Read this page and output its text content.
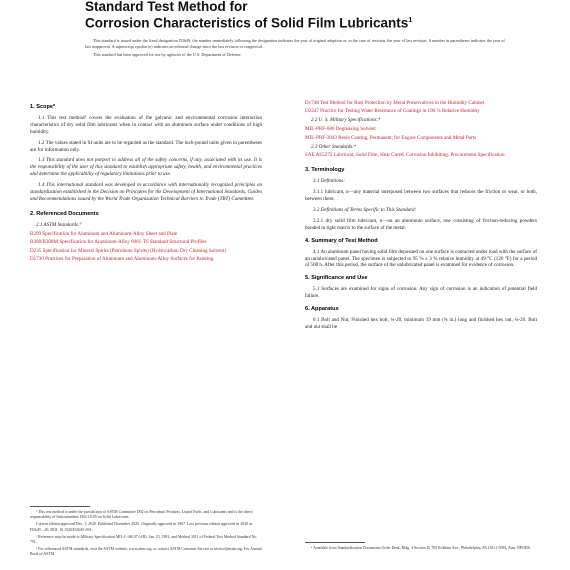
Standard Test Method for
Corrosion Characteristics of Solid Film Lubricants$^1$

This standard is issued under the fixed designation D2649; the number immediately following the designation indicates the year of original adoption or, in the case of revision, the year of last revision. A number in parentheses indicates the year of last reapproval. A superscript epsilon (ε) indicates an editorial change since the last revision or reapproval.

This standard has been approved for use by agencies of the U.S. Department of Defense.

1. Scope*
1.1 This test method² covers the evaluation of the galvanic and environmental corrosion interaction characteristics of dry solid film lubricants when in contact with an aluminum surface under conditions of high humidity.
1.2 The values stated in SI units are to be regarded as the standard. The inch-pound units given in parentheses are for information only.
1.3 This standard does not purport to address all of the safety concerns, if any, associated with its use. It is the responsibility of the user of this standard to establish appropriate safety, health, and environmental practices and determine the applicability of regulatory limitations prior to use.
1.4 This international standard was developed in accordance with internationally recognized principles on standardization established in the Decision on Principles for the Development of International Standards, Guides and Recommendations issued by the World Trade Organization Technical Barriers to Trade (TBT) Committee.
2. Referenced Documents
2.1 ASTM Standards:³
B209 Specification for Aluminum and Aluminum-Alloy Sheet and Plate
B308/B308M Specification for Aluminum-Alloy 6061-T6 Standard Structural Profiles
D235 Specification for Mineral Spirits (Petroleum Spirits) (Hydrocarbon Dry Cleaning Solvent)
D1730 Practices for Preparation of Aluminum and Aluminum-Alloy Surfaces for Painting

¹ This test method is under the jurisdiction of ASTM Committee D02 on Petroleum Products, Liquid Fuels, and Lubricants and is the direct responsibility of Subcommittee D02.L0.05 on Solid Lubricants.

Current edition approved Dec. 1, 2020. Published December 2020. Originally approved in 1967. Last previous edition approved in 2020 as D2649 – 20. DOI: 10.1520/D2649-20A.

² Reference may be made to Military Specification MIL-L-46147 (AR), Jan. 23, 1991, and Method 3011 of Federal Test Method Standard No. 791.

³ For referenced ASTM standards, visit the ASTM website, www.astm.org, or contact ASTM Customer Service at service@astm.org. For Annual Book of ASTM

D1748 Test Method for Rust Protection by Metal Preservatives in the Humidity Cabinet
D2247 Practice for Testing Water Resistance of Coatings in 100 % Relative Humidity
2.2 U. S. Military Specifications:⁴
MIL-PRF-680 Degreasing Solvent
MIL-PRF-3043 Resin Coating, Permanent, for Engine Components and Metal Parts
2.3 Other Standards:⁴
SAE AS5272 Lubricant, Solid Film, Heat Cured, Corrosion Inhibiting, Procurement Specification
3. Terminology
3.1 Definitions:
3.1.1 lubricant, n—any material interposed between two surfaces that reduces the friction or wear, or both, between them.
3.2 Definitions of Terms Specific to This Standard:
3.2.1 dry solid film lubricant, n—on an aluminum surface, one consisting of friction-reducing powders bonded in tight matrix to the surface of the metal.
4. Summary of Test Method
4.1 An aluminum panel having solid film deposited on one surface is contacted under load with the surface of an unlubricated panel. The specimen is subjected to 95 % ± 3 % relative humidity at 49 °C (120 °F) for a period of 500 h. After this period, the surface of the unlubricated panel is examined for evidence of corrosion.
5. Significance and Use
5.1 Surfaces are examined for signs of corrosion. Any sign of corrosion is an indication of potential field failure.
6. Apparatus
6.1 Bolt and Nut, Finished hex bolt, ¼-20, minimum 19 mm (¾ in.) long and finished hex nut, ¼-20. Bolt and nut shall be

⁴ Available from Standardization Documents Order Desk, Bldg. 4 Section D, 700 Robbins Ave., Philadelphia, PA 19111-5094, Attn: NPODS.
